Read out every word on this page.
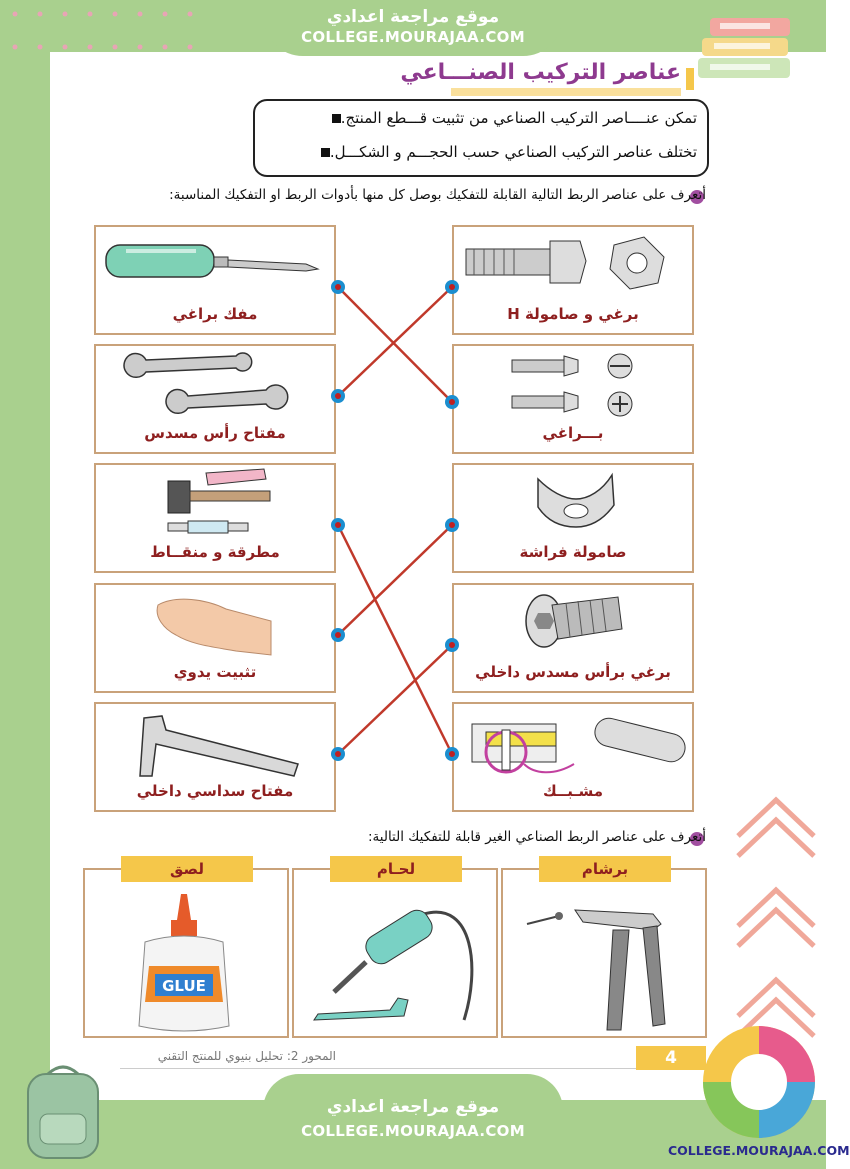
موقع مراجعة اعدادي
COLLEGE.MOURAJAA.COM
عناصر التركيب الصنـــاعي
تمكن عنــــاصر التركيب الصناعي من تثبيت قـــطع المنتج.
تختلف عناصر التركيب الصناعي حسب الحجـــم و الشكـــل.
أتعرف على عناصر الربط التالية القابلة للتفكيك بوصل كل منها بأدوات الربط او التفكيك المناسبة:
مفك براغي
مفتاح رأس مسدس
مطرقة و منقــاط
تثبيت يدوي
مفتاح سداسي داخلي
برغي و صامولة H
بـــراغي
صامولة فراشة
برغي برأس مسدس داخلي
مشـبــك
أتعرف على عناصر الربط الصناعي الغير قابلة للتفكيك التالية:
لصق
GLUE
لحـام	برشام
المحور 2: تحليل بنيوي للمنتج التقني	4
موقع مراجعة اعدادي
COLLEGE.MOURAJAA.COM
COLLEGE.MOURAJAA.COM
